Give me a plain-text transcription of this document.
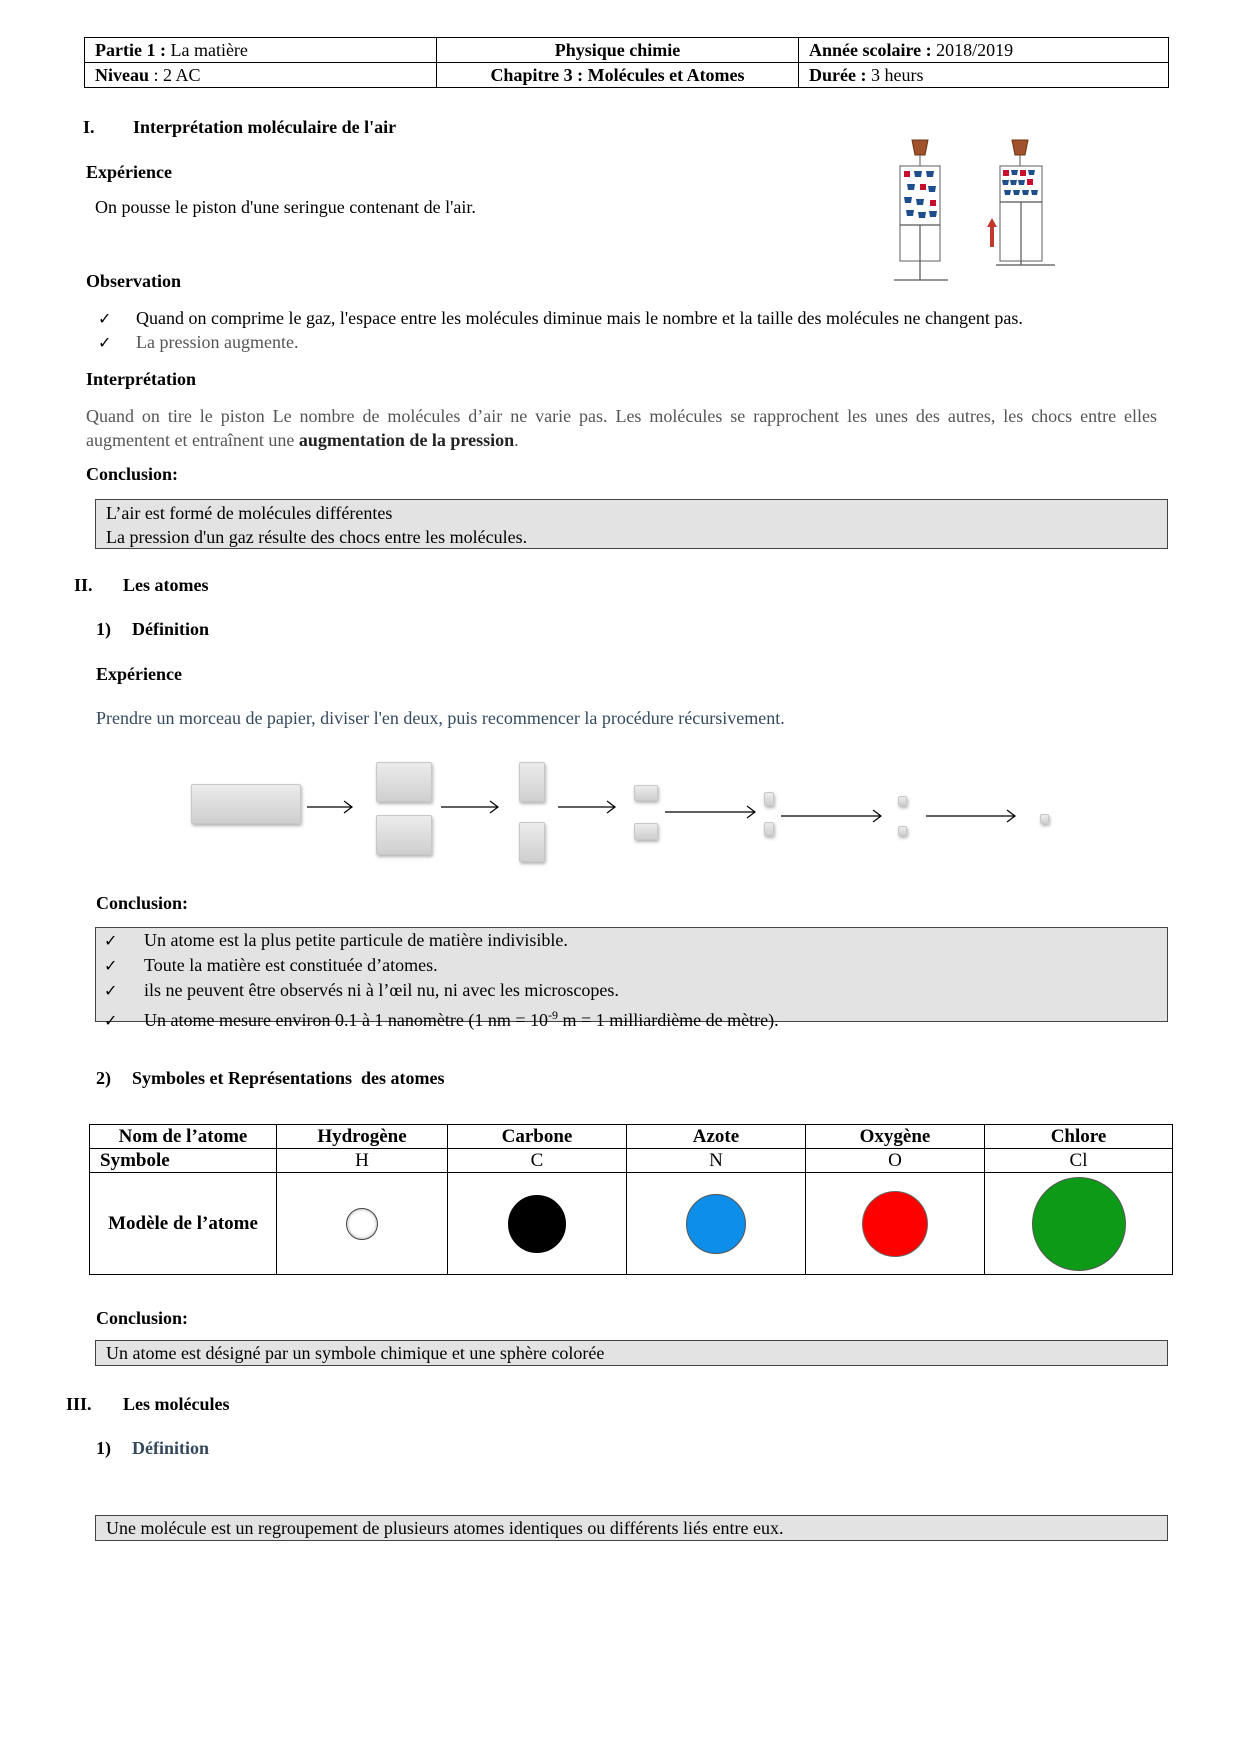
Partie 1 : La matière	Physique chimie	Année scolaire : 2018/2019
Niveau : 2 AC	Chapitre 3 : Molécules et Atomes	Durée : 3 heurs
I. Interprétation moléculaire de l'air
Expérience
On pousse le piston d'une seringue contenant de l'air.
Observation
✓ Quand on comprime le gaz, l'espace entre les molécules diminue mais le nombre et la taille des molécules ne changent pas.
✓ La pression augmente.
Interprétation
Quand on tire le piston Le nombre de molécules d’air ne varie pas. Les molécules se rapprochent les unes des autres, les chocs entre elles augmentent et entraînent une augmentation de la pression.
Conclusion:
L’air est formé de molécules différentes
La pression d'un gaz résulte des chocs entre les molécules.
II. Les atomes
1) Définition
Expérience
Prendre un morceau de papier, diviser l'en deux, puis recommencer la procédure récursivement.
Conclusion:
✓ Un atome est la plus petite particule de matière indivisible.
✓ Toute la matière est constituée d’atomes.
✓ ils ne peuvent être observés ni à l’œil nu, ni avec les microscopes.
✓ Un atome mesure environ 0.1 à 1 nanomètre (1 nm = $10^{-9}$ m = 1 milliardième de mètre).
2) Symboles et Représentations  des atomes
Nom de l’atome	Hydrogène	Carbone	Azote	Oxygène	Chlore
Symbole	H	C	N	O	Cl
Modèle de l’atome					
Conclusion:
Un atome est désigné par un symbole chimique et une sphère colorée
III. Les molécules
1) Définition
Une molécule est un regroupement de plusieurs atomes identiques ou différents liés entre eux.
